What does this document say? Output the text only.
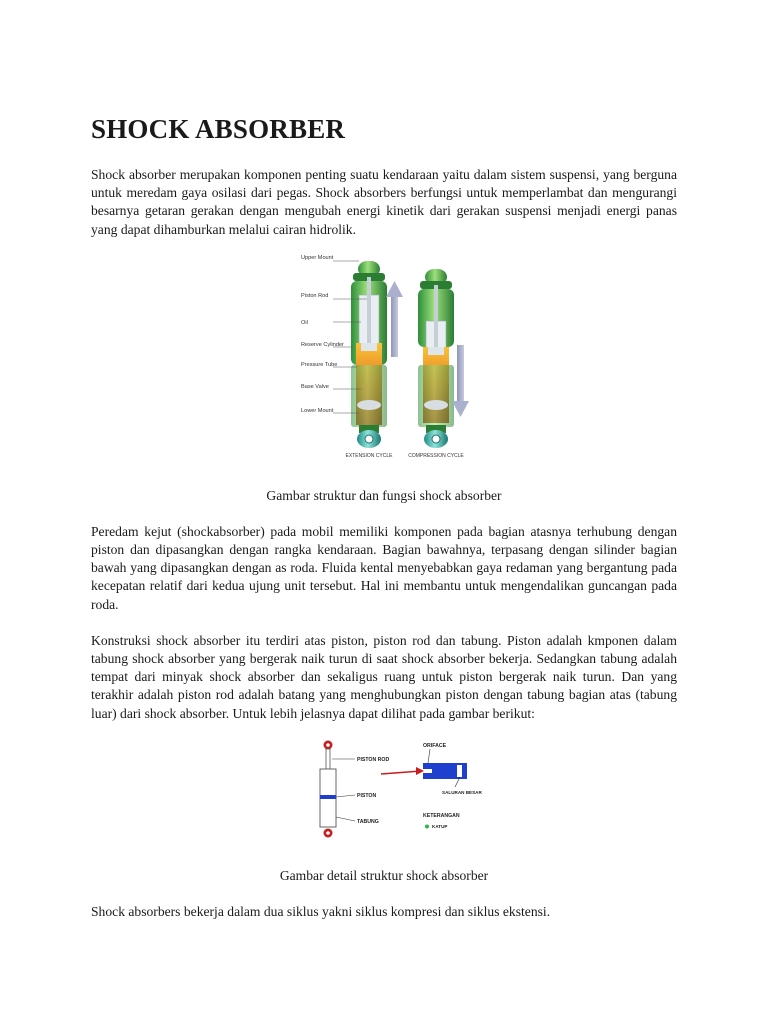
SHOCK ABSORBER

Shock absorber merupakan komponen penting suatu kendaraan yaitu dalam sistem suspensi, yang berguna untuk meredam gaya osilasi dari pegas. Shock absorbers berfungsi untuk memperlambat dan mengurangi besarnya getaran gerakan dengan mengubah energi kinetik dari gerakan suspensi menjadi energi panas yang dapat dihamburkan melalui cairan hidrolik.

Upper Mount
Piston Rod
Oil
Reserve Cylinder
Pressure Tube
Base Valve
Lower Mount
EXTENSION CYCLE	COMPRESSION CYCLE
Gambar struktur dan fungsi shock absorber

Peredam kejut (shockabsorber) pada mobil memiliki komponen pada bagian atasnya terhubung dengan piston dan dipasangkan dengan rangka kendaraan. Bagian bawahnya, terpasang dengan silinder bagian bawah yang dipasangkan dengan as roda. Fluida kental menyebabkan gaya redaman yang bergantung pada kecepatan relatif dari kedua ujung unit tersebut. Hal ini membantu untuk mengendalikan guncangan pada roda.

Konstruksi shock absorber itu terdiri atas piston, piston rod dan tabung. Piston adalah kmponen dalam tabung shock absorber yang bergerak naik turun di saat shock absorber bekerja. Sedangkan tabung adalah tempat dari minyak shock absorber dan sekaligus ruang untuk piston bergerak naik turun. Dan yang terakhir adalah piston rod adalah batang yang menghubungkan piston dengan tabung bagian atas (tabung luar) dari shock absorber. Untuk lebih jelasnya dapat dilihat pada gambar berikut:

PISTON ROD
PISTON
TABUNG
ORIFACE
SALURAN BESAR
KETERANGAN
KATUP
Gambar detail struktur shock absorber

Shock absorbers bekerja dalam dua siklus yakni siklus kompresi dan siklus ekstensi.
